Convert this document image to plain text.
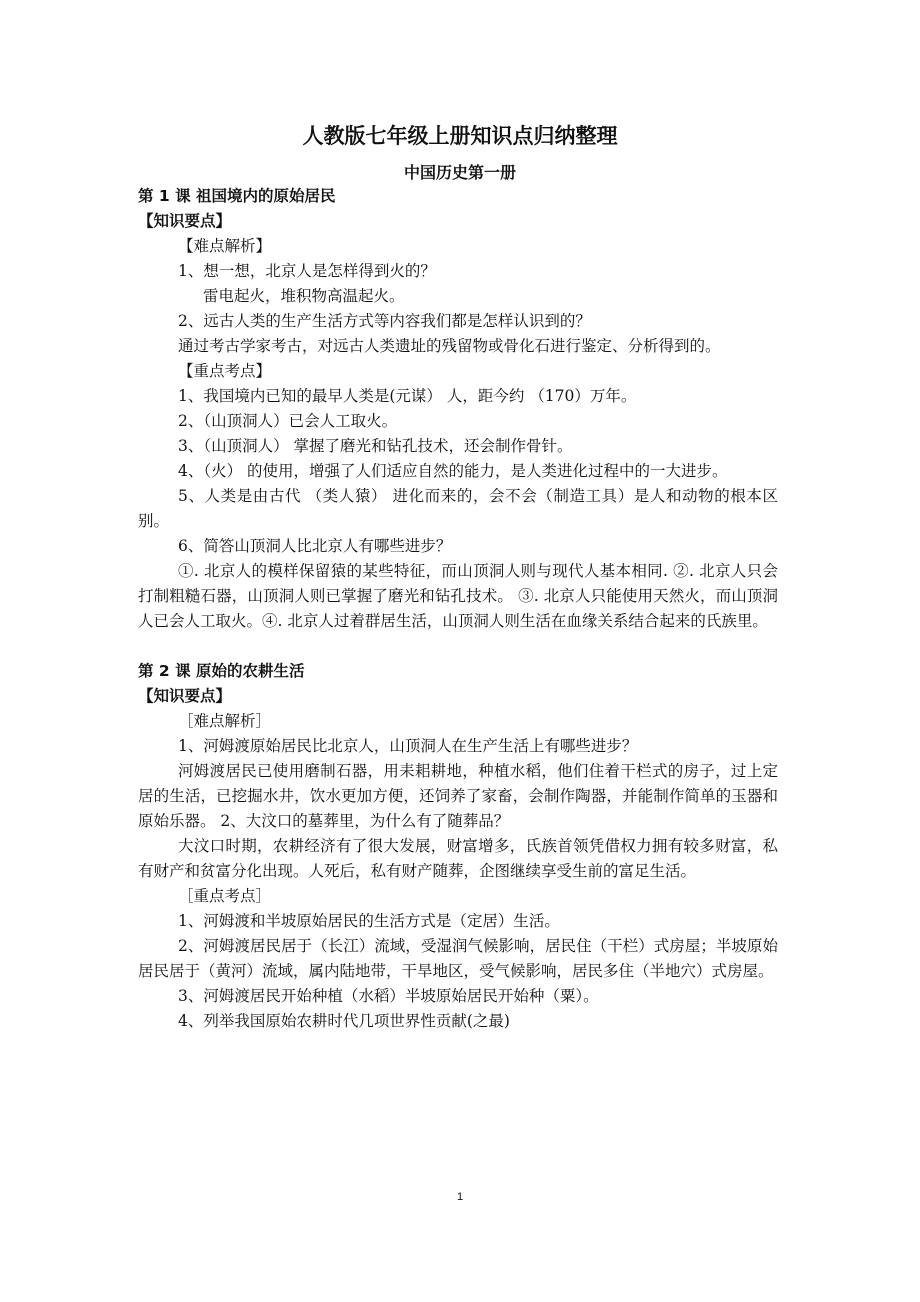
人教版七年级上册知识点归纳整理
中国历史第一册

第 1 课 祖国境内的原始居民

【知识要点】

【难点解析】

1、想一想，北京人是怎样得到火的？

雷电起火，堆积物高温起火。

2、远古人类的生产生活方式等内容我们都是怎样认识到的？

通过考古学家考古，对远古人类遗址的残留物或骨化石进行鉴定、分析得到的。

【重点考点】

1、我国境内已知的最早人类是(元谋） 人，距今约 （170）万年。

2、（山顶洞人）已会人工取火。

3、（山顶洞人） 掌握了磨光和钻孔技术，还会制作骨针。

4、（火） 的使用，增强了人们适应自然的能力，是人类进化过程中的一大进步。

5、人类是由古代 （类人猿） 进化而来的，会不会（制造工具）是人和动物的根本区别。

6、简答山顶洞人比北京人有哪些进步？

①. 北京人的模样保留猿的某些特征，而山顶洞人则与现代人基本相同. ②. 北京人只会打制粗糙石器，山顶洞人则已掌握了磨光和钻孔技术。 ③. 北京人只能使用天然火，而山顶洞人已会人工取火。④. 北京人过着群居生活，山顶洞人则生活在血缘关系结合起来的氏族里。

第 2 课 原始的农耕生活

【知识要点】

［难点解析］

1、河姆渡原始居民比北京人，山顶洞人在生产生活上有哪些进步？

河姆渡居民已使用磨制石器，用耒耜耕地，种植水稻，他们住着干栏式的房子，过上定居的生活，已挖掘水井，饮水更加方便，还饲养了家畜，会制作陶器，并能制作简单的玉器和原始乐器。 2、大汶口的墓葬里，为什么有了随葬品？

大汶口时期，农耕经济有了很大发展，财富增多，氏族首领凭借权力拥有较多财富，私有财产和贫富分化出现。人死后，私有财产随葬，企图继续享受生前的富足生活。

［重点考点］

1、河姆渡和半坡原始居民的生活方式是（定居）生活。

2、河姆渡居民居于（长江）流域，受湿润气候影响，居民住（干栏）式房屋；半坡原始居民居于（黄河）流域，属内陆地带，干旱地区，受气候影响，居民多住（半地穴）式房屋。

3、河姆渡居民开始种植（水稻）半坡原始居民开始种（粟）。

4、列举我国原始农耕时代几项世界性贡献(之最)

1
